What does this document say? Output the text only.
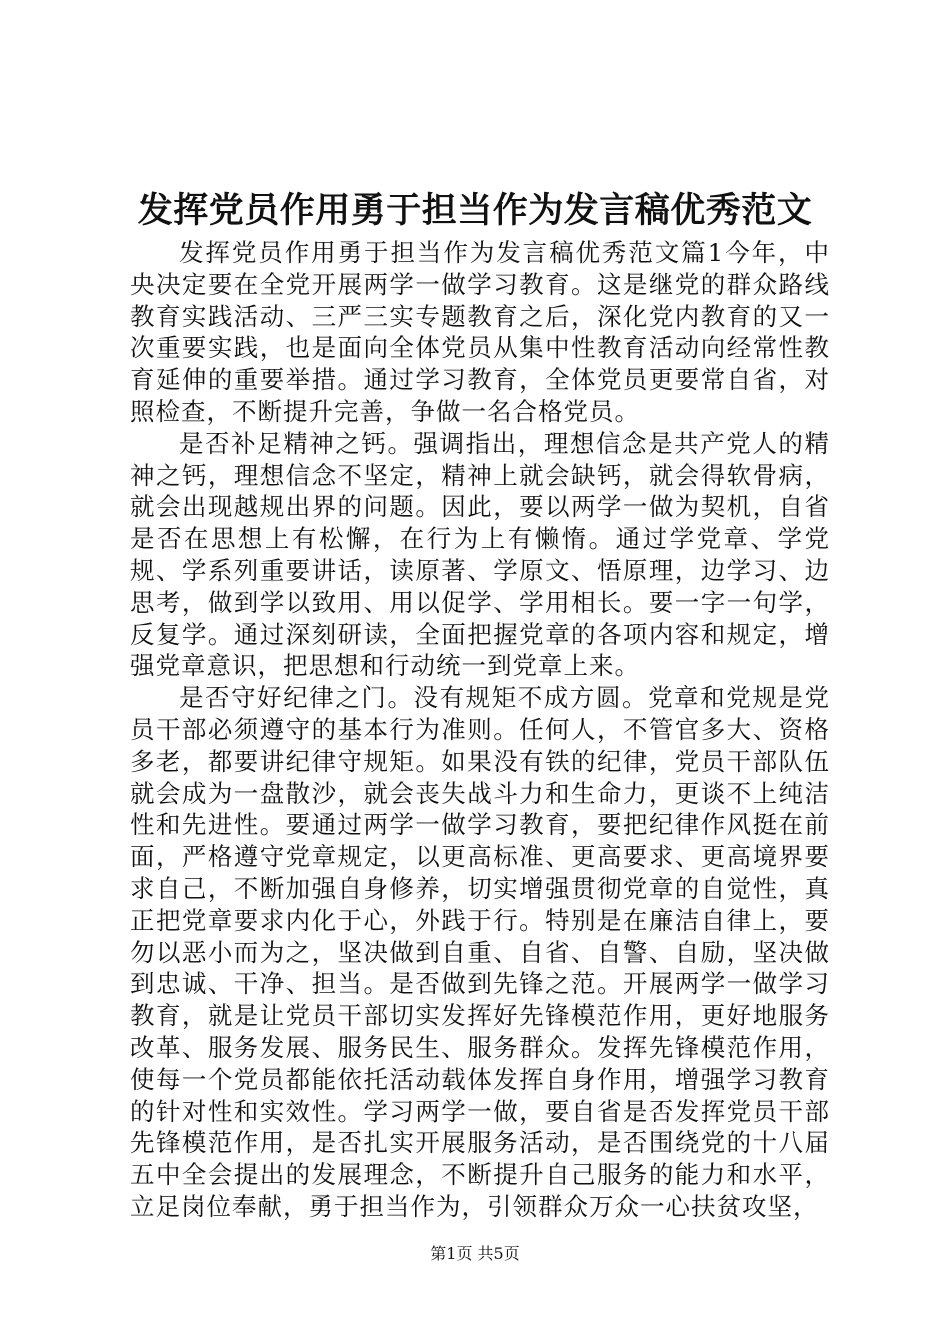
发挥党员作用勇于担当作为发言稿优秀范文

发挥党员作用勇于担当作为发言稿优秀范文篇1今年，中央决定要在全党开展两学一做学习教育。这是继党的群众路线教育实践活动、三严三实专题教育之后，深化党内教育的又一次重要实践，也是面向全体党员从集中性教育活动向经常性教育延伸的重要举措。通过学习教育，全体党员更要常自省，对照检查，不断提升完善，争做一名合格党员。

是否补足精神之钙。强调指出，理想信念是共产党人的精神之钙，理想信念不坚定，精神上就会缺钙，就会得软骨病，就会出现越规出界的问题。因此，要以两学一做为契机，自省是否在思想上有松懈，在行为上有懒惰。通过学党章、学党规、学系列重要讲话，读原著、学原文、悟原理，边学习、边思考，做到学以致用、用以促学、学用相长。要一字一句学，反复学。通过深刻研读，全面把握党章的各项内容和规定，增强党章意识，把思想和行动统一到党章上来。

是否守好纪律之门。没有规矩不成方圆。党章和党规是党员干部必须遵守的基本行为准则。任何人，不管官多大、资格多老，都要讲纪律守规矩。如果没有铁的纪律，党员干部队伍就会成为一盘散沙，就会丧失战斗力和生命力，更谈不上纯洁性和先进性。要通过两学一做学习教育，要把纪律作风挺在前面，严格遵守党章规定，以更高标准、更高要求、更高境界要求自己，不断加强自身修养，切实增强贯彻党章的自觉性，真正把党章要求内化于心，外践于行。特别是在廉洁自律上，要勿以恶小而为之，坚决做到自重、自省、自警、自励，坚决做到忠诚、干净、担当。是否做到先锋之范。开展两学一做学习教育，就是让党员干部切实发挥好先锋模范作用，更好地服务改革、服务发展、服务民生、服务群众。发挥先锋模范作用，使每一个党员都能依托活动载体发挥自身作用，增强学习教育的针对性和实效性。学习两学一做，要自省是否发挥党员干部先锋模范作用，是否扎实开展服务活动，是否围绕党的十八届五中全会提出的发展理念，不断提升自己服务的能力和水平，立足岗位奉献，勇于担当作为，引领群众万众一心扶贫攻坚，

第1页 共5页
